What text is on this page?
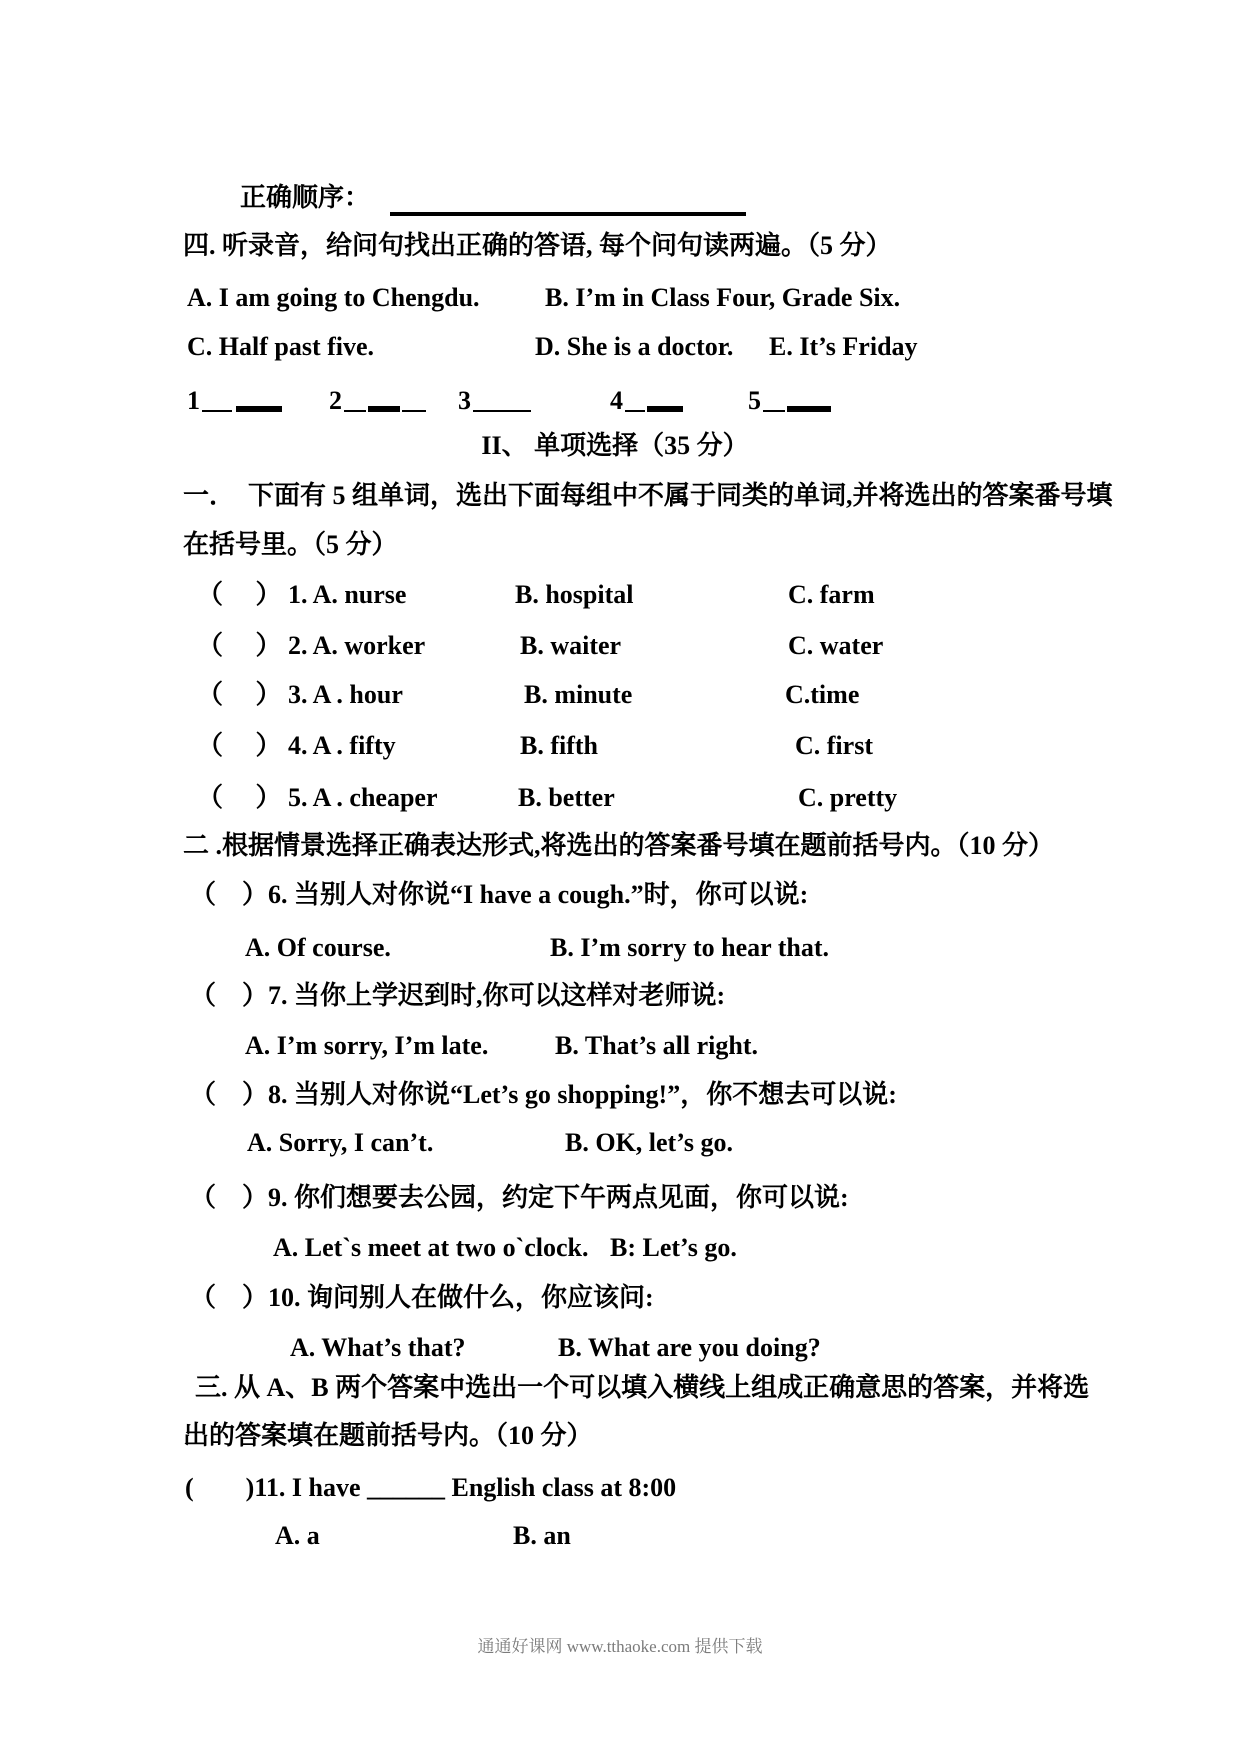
正确顺序：
四. 听录音，给问句找出正确的答语, 每个问句读两遍。（5 分）
A. I am going to Chengdu.	B. I’m in Class Four, Grade Six.
C. Half past five.	D. She is a doctor. E. It’s Friday
1	2	3	4	5
II、 单项选择（35 分）
一．　下面有 5 组单词，选出下面每组中不属于同类的单词,并将选出的答案番号填
在括号里。（5 分）
（　 ） 1. A. nurse	B. hospital	C. farm
（　 ） 2. A. worker	B. waiter	C. water
（　 ） 3. A . hour	B. minute	C.time
（　 ） 4. A . fifty	B. fifth	C. first
（　 ） 5. A . cheaper	B. better	C. pretty
二 .根据情景选择正确表达形式,将选出的答案番号填在题前括号内。（10 分）
（　）6. 当别人对你说“I have a cough.”时，你可以说:
A. Of course.	B. I’m sorry to hear that.
（　）7. 当你上学迟到时,你可以这样对老师说:
A. I’m sorry, I’m late.	B. That’s all right.
（　）8. 当别人对你说“Let’s go shopping!”，你不想去可以说:
A. Sorry, I can’t.	B. OK, let’s go.
（　）9. 你们想要去公园，约定下午两点见面，你可以说:
A. Let`s meet at two o`clock. B: Let’s go.
（　）10. 询问别人在做什么，你应该问:
A. What’s that?	B. What are you doing?
三. 从 A、B 两个答案中选出一个可以填入横线上组成正确意思的答案，并将选
出的答案填在题前括号内。（10 分）
(　　)11. I have ______ English class at 8:00
A. a	B. an
通通好课网 www.tthaoke.com 提供下载
